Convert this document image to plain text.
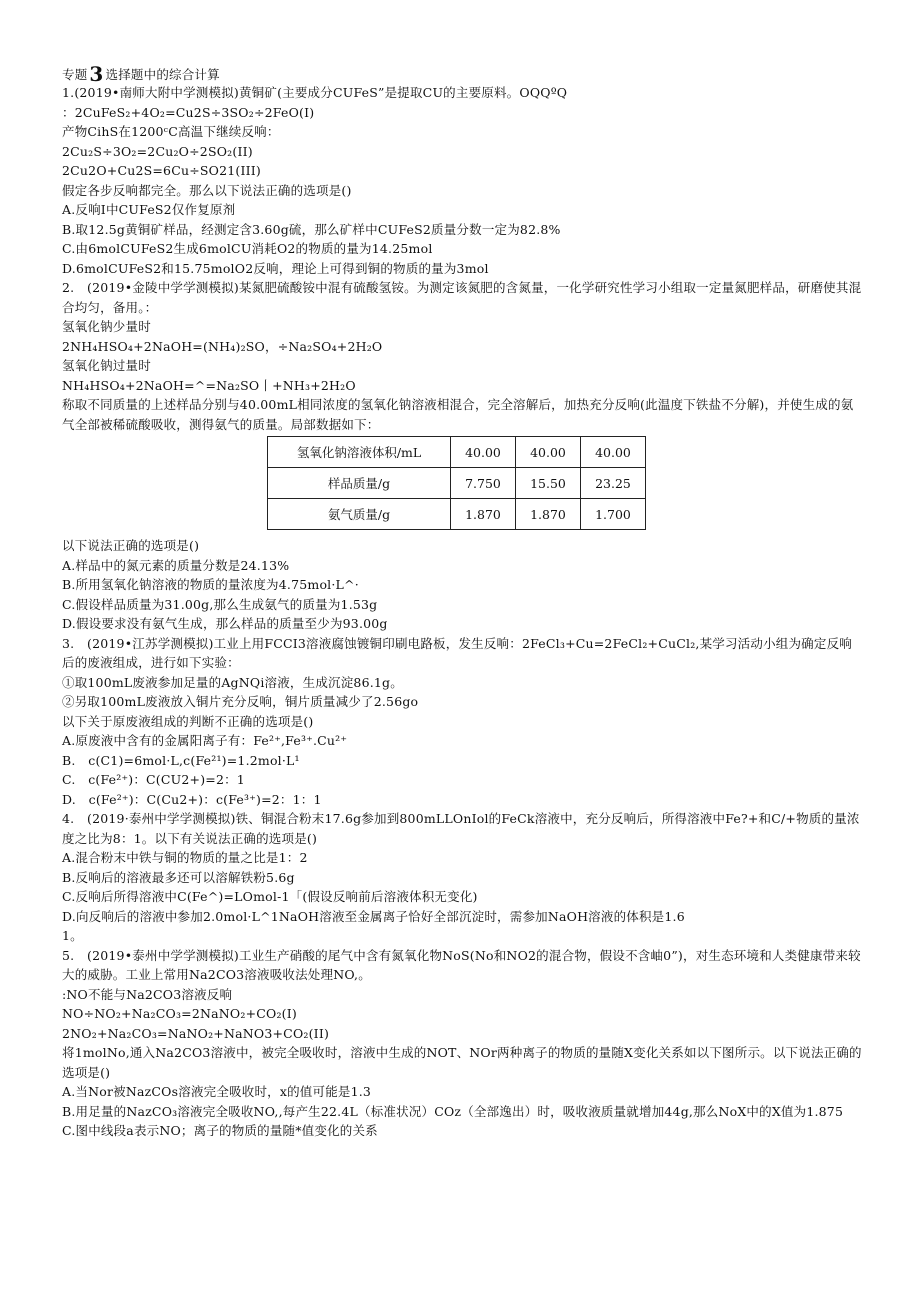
专题 3 选择题中的综合计算
1.(2019•南师大附中学测模拟)黄铜矿(主要成分CUFeS”是提取CU的主要原料。OQQºQ
：2CuFeS₂+4O₂=Cu2S÷3SO₂÷2FeO(I)
产物CihS在1200ᶜC高温下继续反响：
2Cu₂S÷3O₂=2Cu₂O÷2SO₂(II)
2Cu2O+Cu2S=6Cu÷SO21(III)
假定各步反响都完全。那么以下说法正确的选项是()
A.反响I中CUFeS2仅作复原剂
B.取12.5g黄铜矿样品，经测定含3.60g硫，那么矿样中CUFeS2质量分数一定为82.8%
C.由6molCUFeS2生成6molCU消耗O2的物质的量为14.25mol
D.6molCUFeS2和15.75molO2反响，理论上可得到铜的物质的量为3mol
2.　(2019•金陵中学学测模拟)某氮肥硫酸铵中混有硫酸氢铵。为测定该氮肥的含氮量，一化学研究性学习小组取一定量氮肥样品，研磨使其混合均匀，备用。：
氢氧化钠少量时
2NH₄HSO₄+2NaOH=(NH₄)₂SO，÷Na₂SO₄+2H₂O
氢氧化钠过量时
NH₄HSO₄+2NaOH=^=Na₂SO丨+NH₃+2H₂O
称取不同质量的上述样品分别与40.00mL相同浓度的氢氧化钠溶液相混合，完全溶解后，加热充分反响(此温度下铁盐不分解)，并使生成的氨气全部被稀硫酸吸收，测得氨气的质量。局部数据如下：
氢氧化钠溶液体积/mL	40.00	40.00	40.00
样品质量/g	7.750	15.50	23.25
氨气质量/g	1.870	1.870	1.700
以下说法正确的选项是()
A.样品中的氮元素的质量分数是24.13%
B.所用氢氧化钠溶液的物质的量浓度为4.75mol·L^·
C.假设样品质量为31.00g,那么生成氨气的质量为1.53g
D.假设要求没有氨气生成，那么样品的质量至少为93.00g
3.　(2019•江苏学测模拟)工业上用FCCI3溶液腐蚀镀铜印刷电路板，发生反响：2FeCl₃+Cu=2FeCl₂+CuCl₂,某学习活动小组为确定反响后的废液组成，进行如下实验：
①取100mL废液参加足量的AgNQi溶液，生成沉淀86.1g。
②另取100mL废液放入铜片充分反响，铜片质量减少了2.56go
以下关于原废液组成的判断不正确的选项是()
A.原废液中含有的金属阳离子有：Fe²⁺,Fe³⁺.Cu²⁺
B.　c(C1)=6mol·L,c(Fe²¹)=1.2mol·L¹
C.　c(Fe²⁺)：C(CU2+)=2：1
D.　c(Fe²⁺)：C(Cu2+)：c(Fe³⁺)=2：1：1
4.　(2019·泰州中学学测模拟)铁、铜混合粉末17.6g参加到800mLLOnIol的FeCk溶液中，充分反响后，所得溶液中Fe?+和C/+物质的量浓度之比为8：1。以下有关说法正确的选项是()
A.混合粉末中铁与铜的物质的量之比是1：2
B.反响后的溶液最多还可以溶解铁粉5.6g
C.反响后所得溶液中C(Fe^)=LOmol-1「(假设反响前后溶液体积无变化)
D.向反响后的溶液中参加2.0mol·L^1NaOH溶液至金属离子恰好全部沉淀时，需参加NaOH溶液的体积是1.6
1。
5.　(2019•泰州中学学测模拟)工业生产硝酸的尾气中含有氮氧化物NoS(No和NO2的混合物，假设不含岫0”)，对生态环境和人类健康带来较大的威胁。工业上常用Na2CO3溶液吸收法处理NO,。
:NO不能与Na2CO3溶液反响
NO÷NO₂+Na₂CO₃=2NaNO₂+CO₂(I)
2NO₂+Na₂CO₃=NaNO₂+NaNO3+CO₂(II)
将1molNo,通入Na2CO3溶液中，被完全吸收时，溶液中生成的NOT、NOr两种离子的物质的量随X变化关系如以下图所示。以下说法正确的选项是()
A.当Nor被NazCOs溶液完全吸收时，x的值可能是1.3
B.用足量的NazCO₃溶液完全吸收NO,,每产生22.4L（标准状况）COz（全部逸出）时，吸收液质量就增加44g,那么NoX中的X值为1.875
C.图中线段a表示NO；离子的物质的量随*值变化的关系
